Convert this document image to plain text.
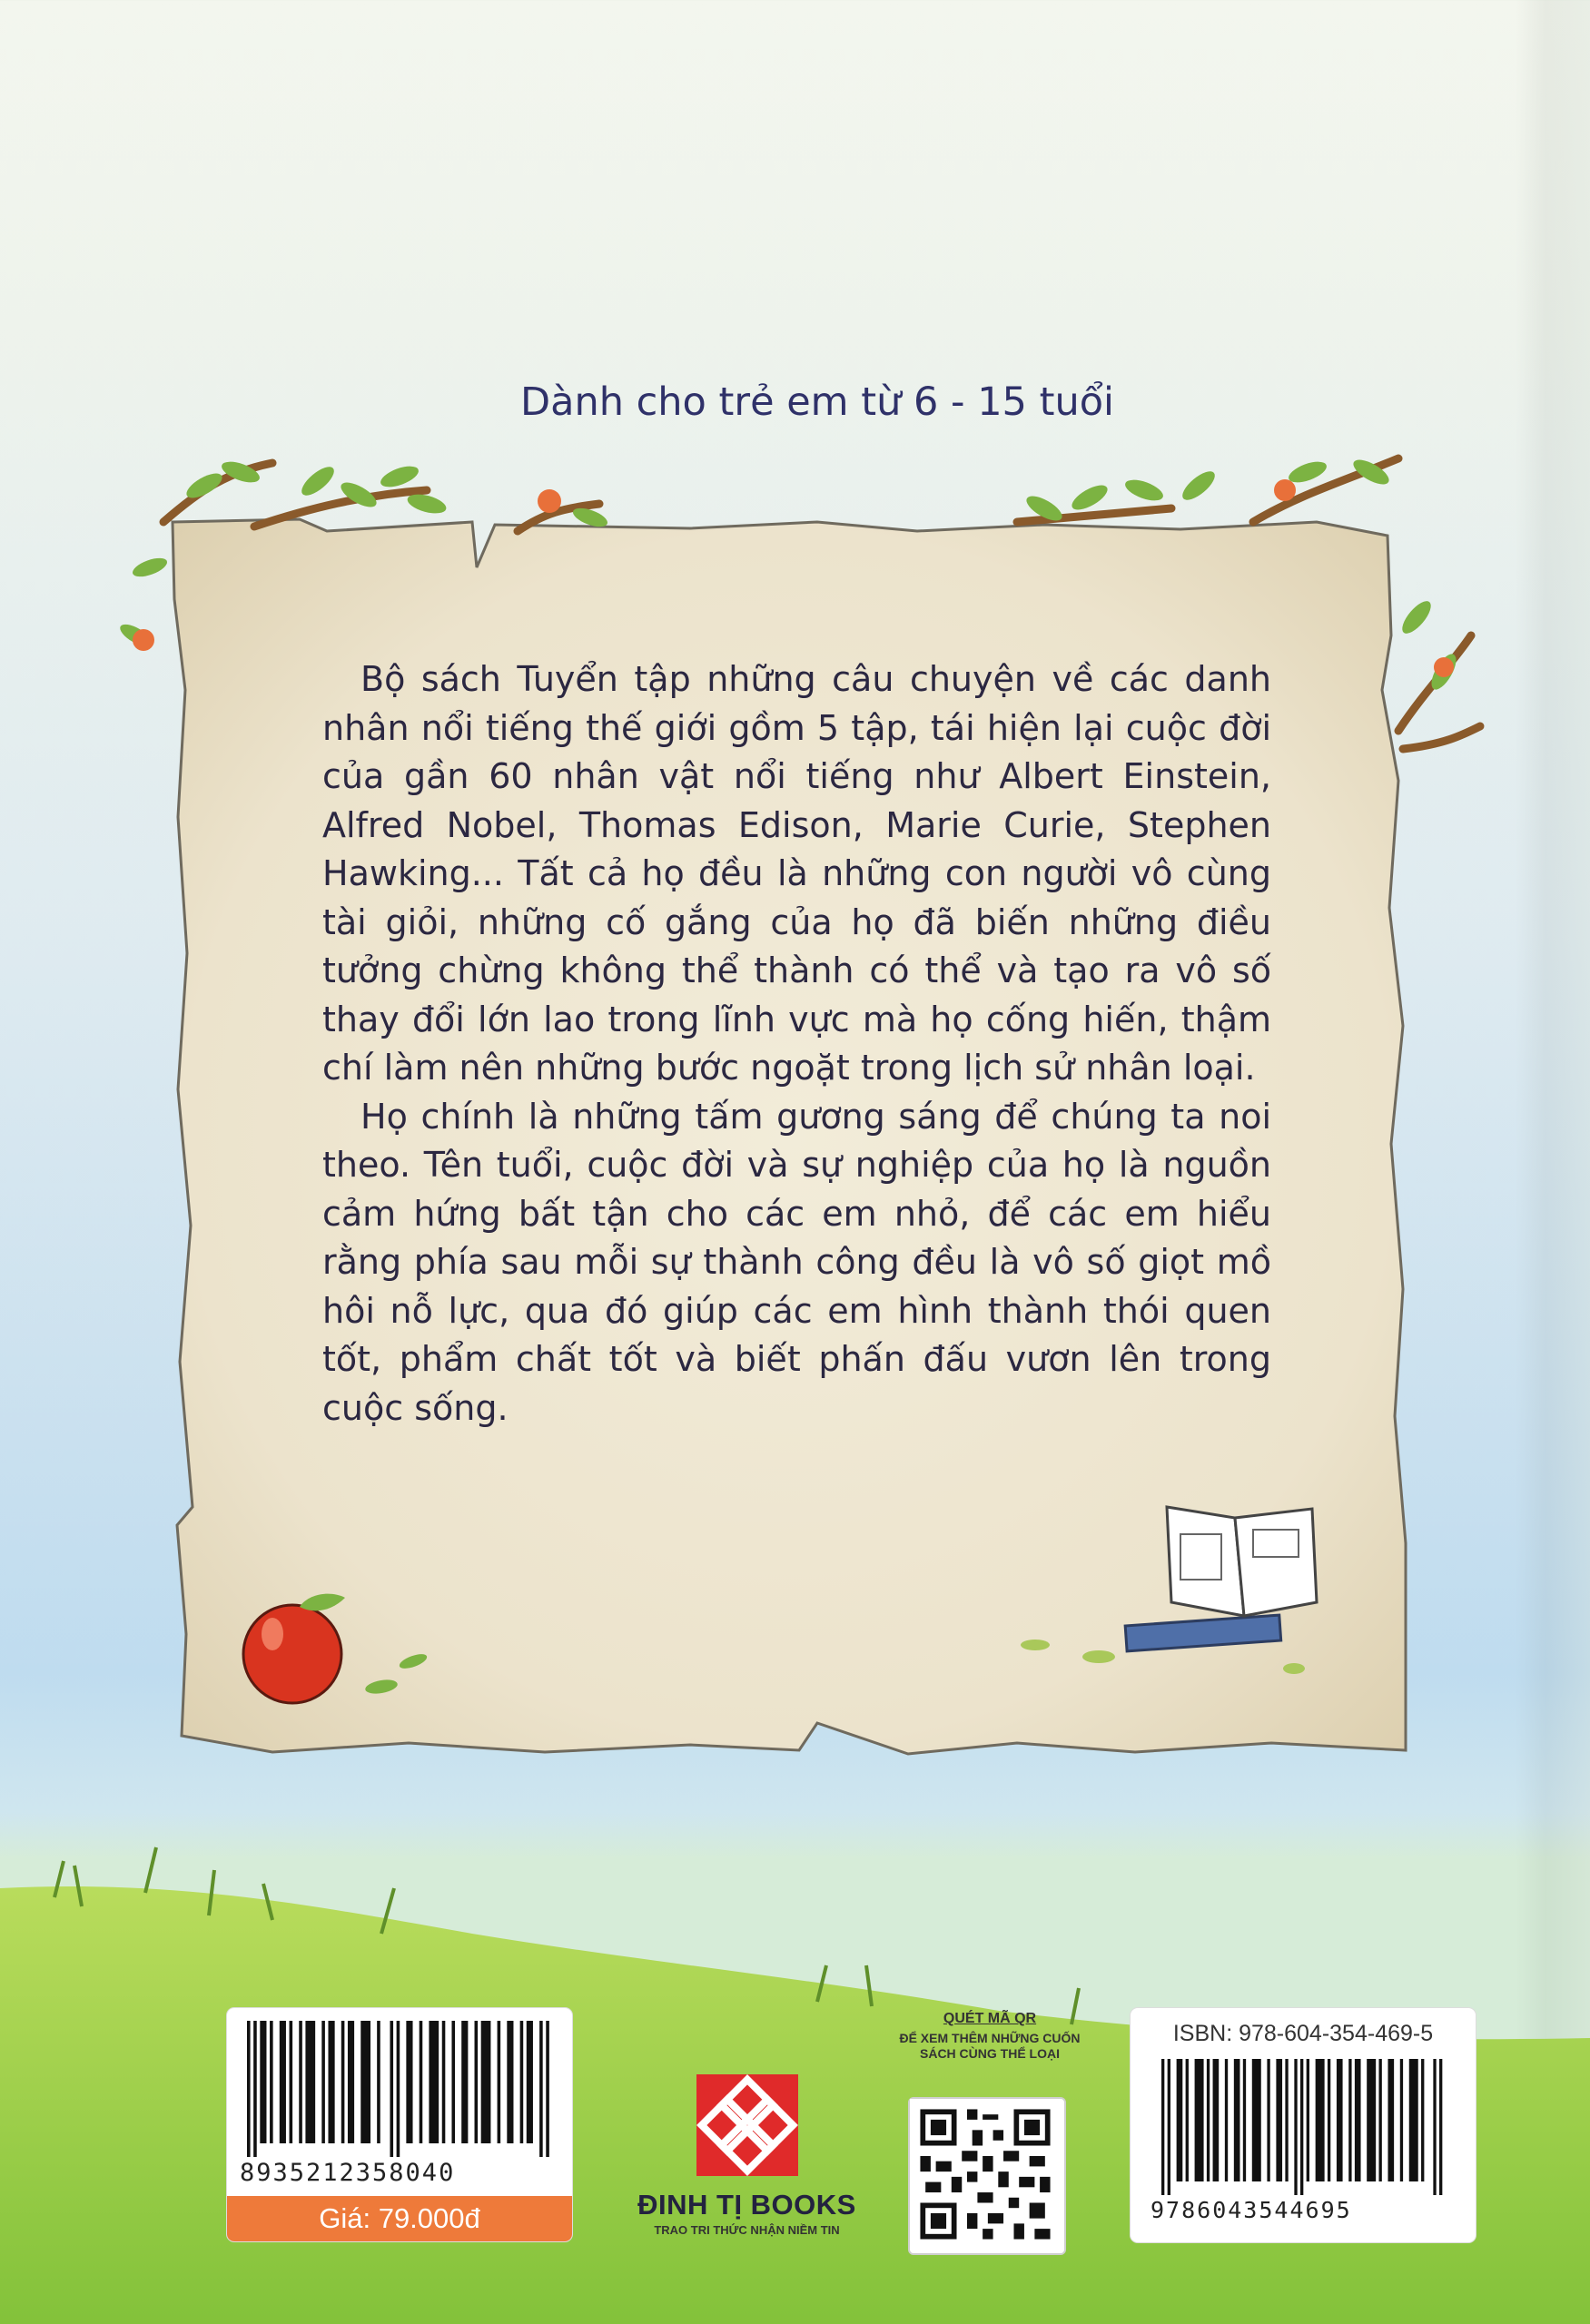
Dành cho trẻ em từ 6 - 15 tuổi

Bộ sách Tuyển tập những câu chuyện về các danh nhân nổi tiếng thế giới gồm 5 tập, tái hiện lại cuộc đời của gần 60 nhân vật nổi tiếng như Albert Einstein, Alfred Nobel, Thomas Edison, Marie Curie, Stephen Hawking... Tất cả họ đều là những con người vô cùng tài giỏi, những cố gắng của họ đã biến những điều tưởng chừng không thể thành có thể và tạo ra vô số thay đổi lớn lao trong lĩnh vực mà họ cống hiến, thậm chí làm nên những bước ngoặt trong lịch sử nhân loại.

Họ chính là những tấm gương sáng để chúng ta noi theo. Tên tuổi, cuộc đời và sự nghiệp của họ là nguồn cảm hứng bất tận cho các em nhỏ, để các em hiểu rằng phía sau mỗi sự thành công đều là vô số giọt mồ hôi nỗ lực, qua đó giúp các em hình thành thói quen tốt, phẩm chất tốt và biết phấn đấu vươn lên trong cuộc sống.

8935212358040
Giá: 79.000đ	ĐINH TỊ BOOKS
TRAO TRI THỨC NHẬN NIỀM TIN
QUÉT MÃ QR
ĐỂ XEM THÊM NHỮNG CUỐN SÁCH CÙNG THỂ LOẠI
ISBN: 978-604-354-469-5
9786043544695
